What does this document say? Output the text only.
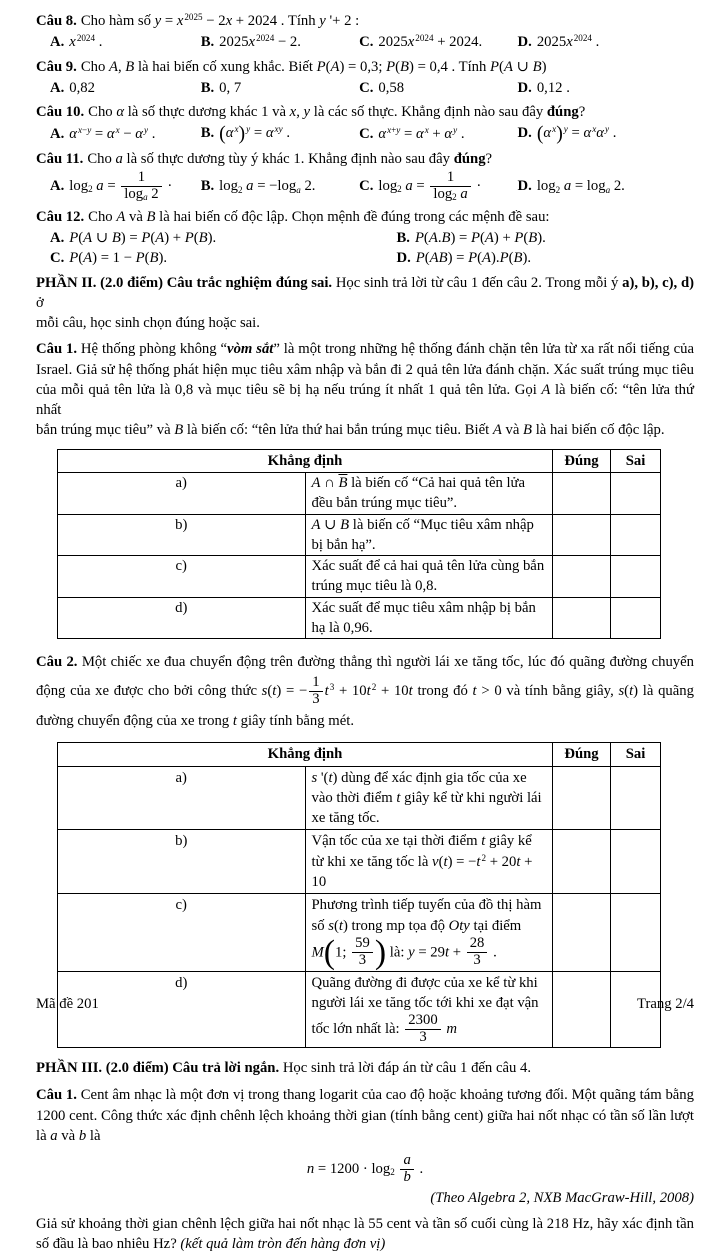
Câu 8. Cho hàm số $y = x^{2025} - 2x + 2024$ . Tính y '+ 2 :

A. $x^{2024}$ .	B. $2025x^{2024} - 2$.	C. $2025x^{2024} + 2024$.	D. $2025x^{2024}$ .

Câu 9. Cho A, B là hai biến cố xung khắc. Biết P(A) = 0,3; P(B) = 0,4 . Tính P(A ∪ B)

A. 0,82	B. 0, 7	C. 0,58	D. 0,12 .

Câu 10. Cho α là số thực dương khác 1 và x, y là các số thực. Khẳng định nào sau đây đúng?

A. $\alpha^{x-y} = \alpha^x - \alpha^y$ .	B. $(\alpha^x)^y = \alpha^{xy}$ .	C. $\alpha^{x+y} = \alpha^x + \alpha^y$ .	D. $(\alpha^x)^y = \alpha^x\alpha^y$ .

Câu 11. Cho a là số thực dương tùy ý khác 1. Khẳng định nào sau đây đúng?

A. $\log_2 a = \frac{1}{\log_a 2}$ ·	B. $\log_2 a = -\log_a$ 2.	C. $\log_2 a = \frac{1}{\log_2 a}$ ·	D. $\log_2 a = \log_a 2$.

Câu 12. Cho A và B là hai biến cố độc lập. Chọn mệnh đề đúng trong các mệnh đề sau:

A. P(A ∪ B) = P(A) + P(B).	B. P(A.B) = P(A) + P(B).
C. P(A) = 1 − P(B).	D. P(AB) = P(A).P(B).
PHẦN II. (2.0 điểm) Câu trắc nghiệm đúng sai. Học sinh trả lời từ câu 1 đến câu 2. Trong mỗi ý a), b), c), d) ở
mỗi câu, học sinh chọn đúng hoặc sai.
Câu 1. Hệ thống phòng không “vòm sắt” là một trong những hệ thống đánh chặn tên lửa từ xa rất nổi tiếng của
Israel. Giả sử hệ thống phát hiện mục tiêu xâm nhập và bắn đi 2 quả tên lửa đánh chặn. Xác suất trúng mục tiêu
của mỗi quả tên lửa là 0,8 và mục tiêu sẽ bị hạ nếu trúng ít nhất 1 quả tên lửa. Gọi A là biến cố: “tên lửa thứ nhất
bắn trúng mục tiêu” và B là biến cố: “tên lửa thứ hai bắn trúng mục tiêu. Biết A và B là hai biến cố độc lập.
Khẳng định		Đúng	Sai
a)	A ∩ $\overline{B}$ là biến cố “Cả hai quả tên lửa đều bắn trúng mục tiêu”.		
b)	A ∪ B là biến cố “Mục tiêu xâm nhập bị bắn hạ”.		
c)	Xác suất để cả hai quả tên lửa cùng bắn trúng mục tiêu là 0,8.		
d)	Xác suất để mục tiêu xâm nhập bị bắn hạ là 0,96.		
Câu 2. Một chiếc xe đua chuyển động trên đường thẳng thì người lái xe tăng tốc, lúc đó quãng đường chuyển
động của xe được cho bởi công thức s(t) = − $\frac{1}{3} t^3 + 10t^2 + 10t$ trong đó t > 0 và tính bằng giây, s(t) là quãng
đường chuyển động của xe trong t giây tính bằng mét.
Khẳng định		Đúng	Sai
a)	s '(t) dùng để xác định gia tốc của xe vào thời điểm t giây kể từ khi người lái xe tăng tốc.		
b)	Vận tốc của xe tại thời điểm t giây kể từ khi xe tăng tốc là $v(t) = -t^2 + 20t + 10$		
c)	Phương trình tiếp tuyến của đồ thị hàm số s(t) trong mp tọa độ Oty tại điểm M(1; $\frac{59}{3}$ ) là: $y = 29t + \frac{28}{3}$ .		
d)	Quãng đường đi được của xe kể từ khi người lái xe tăng tốc tới khi xe đạt vận tốc lớn nhất là: $\frac{2300}{3}$ m		

PHẦN III. (2.0 điểm) Câu trả lời ngắn. Học sinh trả lời đáp án từ câu 1 đến câu 4.

Câu 1. Cent âm nhạc là một đơn vị trong thang logarit của cao độ hoặc khoảng tương đối. Một quãng tám bằng
1200 cent. Công thức xác định chênh lệch khoảng thời gian (tính bằng cent) giữa hai nốt nhạc có tần số lần lượt
là a và b là
$n = 1200 \cdot \log_2 \frac{a}{b}$ .
(Theo Algebra 2, NXB MacGraw-Hill, 2008)
Giả sử khoảng thời gian chênh lệch giữa hai nốt nhạc là 55 cent và tần số cuối cùng là 218 Hz, hãy xác định tần
số đầu là bao nhiêu Hz? (kết quả làm tròn đến hàng đơn vị)
Mã đề 201	Trang 2/4
